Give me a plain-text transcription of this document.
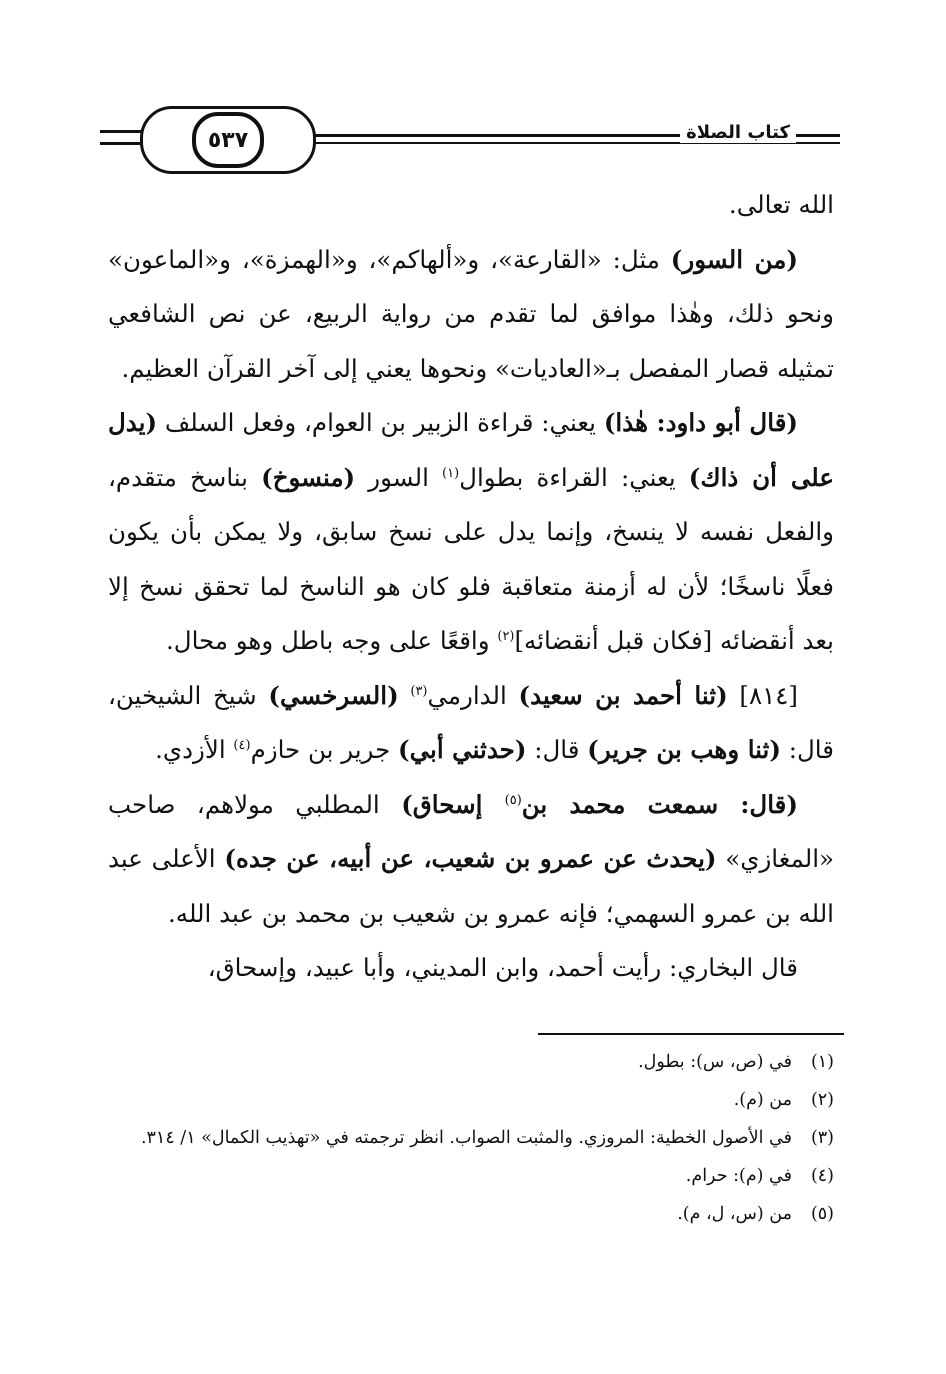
٥٣٧	كتاب الصلاة

الله تعالى.

(من السور) مثل: «القارعة»، و«ألهاكم»، و«الهمزة»، و«الماعون» ونحو ذلك، وهٰذا موافق لما تقدم من رواية الربيع، عن نص الشافعي تمثيله قصار المفصل بـ«العاديات» ونحوها يعني إلى آخر القرآن العظيم.

(قال أبو داود: هٰذا) يعني: قراءة الزبير بن العوام، وفعل السلف (يدل على أن ذاك) يعني: القراءة بطوال$^{(١)}$ السور (منسوخ) بناسخ متقدم، والفعل نفسه لا ينسخ، وإنما يدل على نسخ سابق، ولا يمكن بأن يكون فعلًا ناسخًا؛ لأن له أزمنة متعاقبة فلو كان هو الناسخ لما تحقق نسخ إلا بعد أنقضائه [فكان قبل أنقضائه]$^{(٢)}$ واقعًا على وجه باطل وهو محال.

[٨١٤] (ثنا أحمد بن سعيد) الدارمي$^{(٣)}$ (السرخسي) شيخ الشيخين، قال: (ثنا وهب بن جرير) قال: (حدثني أبي) جرير بن حازم$^{(٤)}$ الأزدي.

(قال: سمعت محمد بن$^{(٥)}$ إسحاق) المطلبي مولاهم، صاحب «المغازي» (يحدث عن عمرو بن شعيب، عن أبيه، عن جده) الأعلى عبد الله بن عمرو السهمي؛ فإنه عمرو بن شعيب بن محمد بن عبد الله.

قال البخاري: رأيت أحمد، وابن المديني، وأبا عبيد، وإسحاق،

(١)
في (ص، س): بطول.
(٢)
من (م).
(٣)
في الأصول الخطية: المروزي. والمثبت الصواب. انظر ترجمته في «تهذيب الكمال» ١/ ٣١٤.
(٤)
في (م): حرام.
(٥)
من (س، ل، م).
